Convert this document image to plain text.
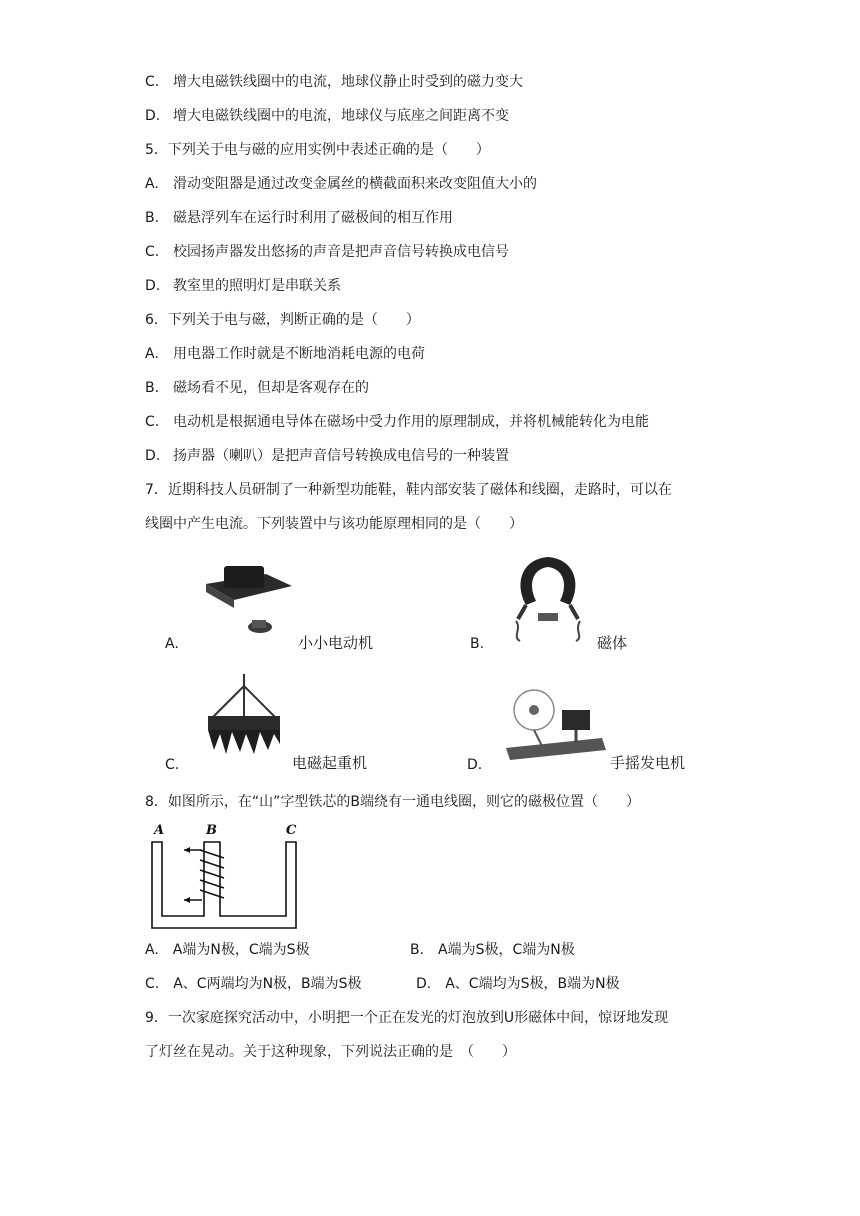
C. 增大电磁铁线圈中的电流，地球仪静止时受到的磁力变大
D. 增大电磁铁线圈中的电流，地球仪与底座之间距离不变
5．下列关于电与磁的应用实例中表述正确的是（　　）
A. 滑动变阻器是通过改变金属丝的横截面积来改变阻值大小的
B. 磁悬浮列车在运行时利用了磁极间的相互作用
C. 校园扬声器发出悠扬的声音是把声音信号转换成电信号
D. 教室里的照明灯是串联关系
6．下列关于电与磁，判断正确的是（　　）
A. 用电器工作时就是不断地消耗电源的电荷
B. 磁场看不见，但却是客观存在的
C. 电动机是根据通电导体在磁场中受力作用的原理制成，并将机械能转化为电能
D. 扬声器（喇叭）是把声音信号转换成电信号的一种装置
7．近期科技人员研制了一种新型功能鞋，鞋内部安装了磁体和线圈，走路时，可以在
线圈中产生电流。下列装置中与该功能原理相同的是（　　）
A.	小小电动机	B.	磁体
C.	电磁起重机	D.	手摇发电机
8．如图所示，在“山”字型铁芯的B端绕有一通电线圈，则它的磁极位置（　　）
A	B	C
A.　A端为N极，C端为S极	B.　A端为S极，C端为N极
C.　A、C两端均为N极，B端为S极	D.　A、C端均为S极，B端为N极
9．一次家庭探究活动中，小明把一个正在发光的灯泡放到U形磁体中间，惊讶地发现
了灯丝在晃动。关于这种现象，下列说法正确的是　（　　）
